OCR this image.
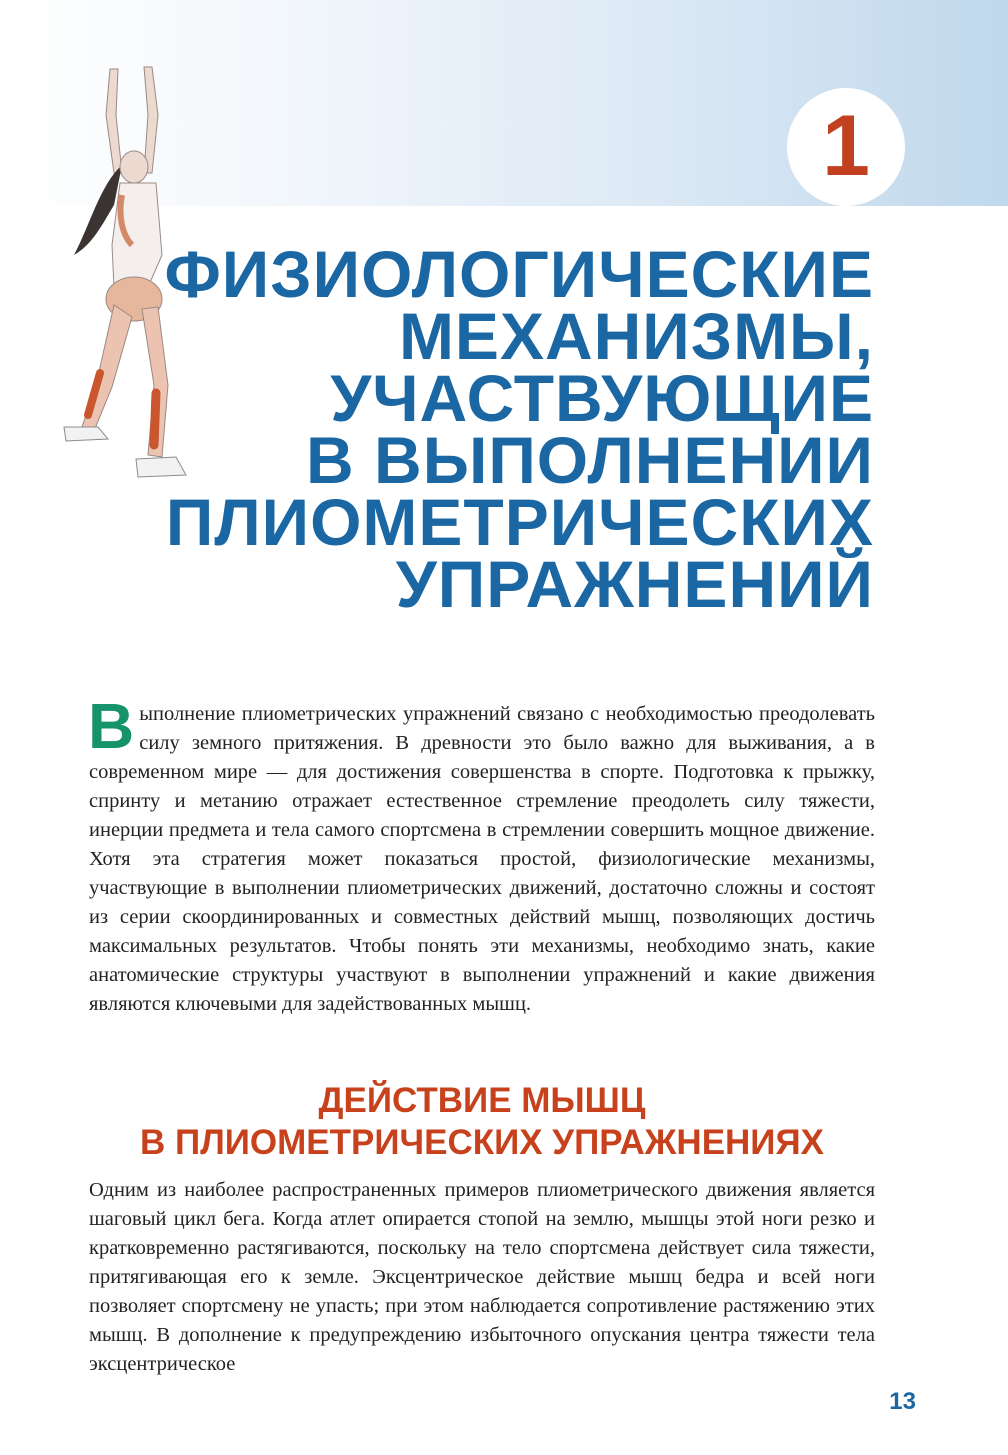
1
ФИЗИОЛОГИЧЕСКИЕ
МЕХАНИЗМЫ,
УЧАСТВУЮЩИЕ
В ВЫПОЛНЕНИИ
ПЛИОМЕТРИЧЕСКИХ
УПРАЖНЕНИЙ

Выполнение плиометрических упражнений связано с необходимостью преодолевать силу земного притяжения. В древности это было важно для выживания, а в современном мире — для достижения совершенства в спорте. Подготовка к прыжку, спринту и метанию отражает естественное стремление преодолеть силу тяжести, инерции предмета и тела самого спортсмена в стремлении совершить мощное движение. Хотя эта стратегия может показаться простой, физиологические механизмы, участвующие в выполнении плиометрических движений, достаточно сложны и состоят из серии скоординированных и совместных действий мышц, позволяющих достичь максимальных результатов. Чтобы понять эти механизмы, необходимо знать, какие анатомические структуры участвуют в выполнении упражнений и какие движения являются ключевыми для задействованных мышц.

ДЕЙСТВИЕ МЫШЦ
В ПЛИОМЕТРИЧЕСКИХ УПРАЖНЕНИЯХ

Одним из наиболее распространенных примеров плиометрического движения является шаговый цикл бега. Когда атлет опирается стопой на землю, мышцы этой ноги резко и кратковременно растягиваются, поскольку на тело спортсмена действует сила тяжести, притягивающая его к земле. Эксцентрическое действие мышц бедра и всей ноги позволяет спортсмену не упасть; при этом наблюдается сопротивление растяжению этих мышц. В дополнение к предупреждению избыточного опускания центра тяжести тела эксцентрическое

13
